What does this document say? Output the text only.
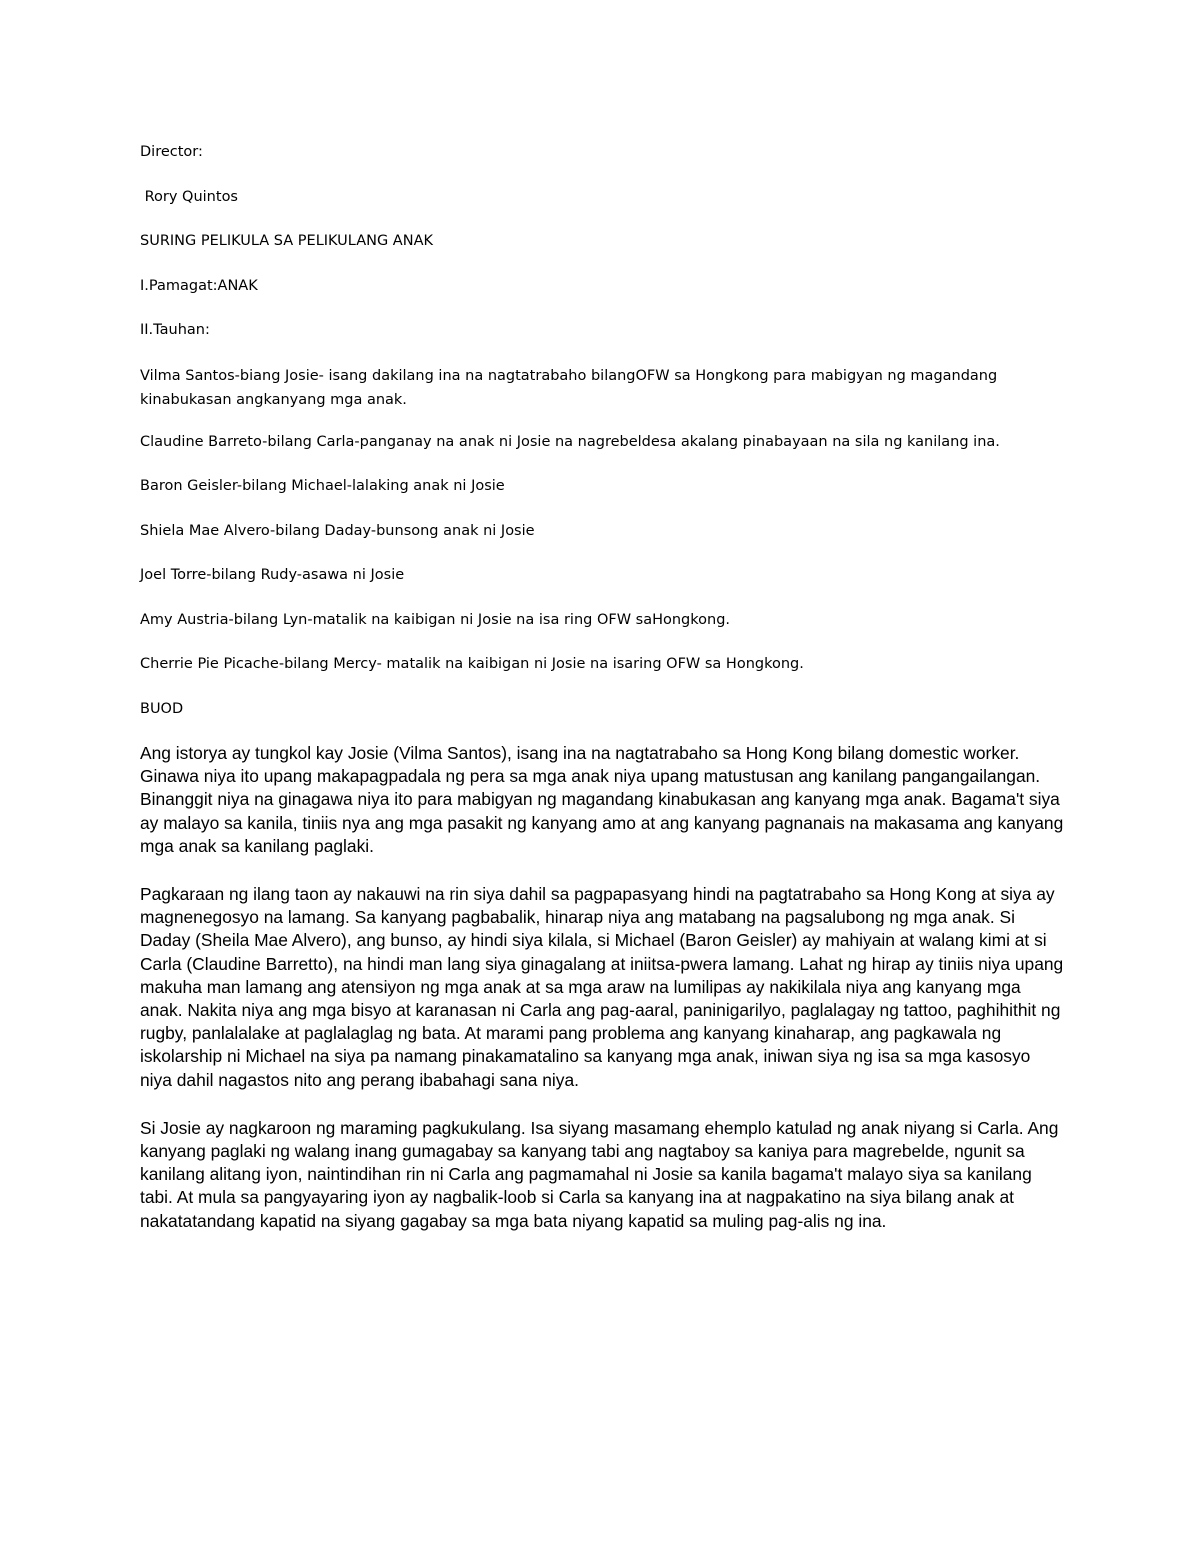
Director:

Rory Quintos

SURING PELIKULA SA PELIKULANG ANAK

I.Pamagat:ANAK

II.Tauhan:

Vilma Santos-biang Josie- isang dakilang ina na nagtatrabaho bilangOFW sa Hongkong para mabigyan ng magandang kinabukasan angkanyang mga anak.

Claudine Barreto-bilang Carla-panganay na anak ni Josie na nagrebeldesa akalang pinabayaan na sila ng kanilang ina.

Baron Geisler-bilang Michael-lalaking anak ni Josie

Shiela Mae Alvero-bilang Daday-bunsong anak ni Josie

Joel Torre-bilang Rudy-asawa ni Josie

Amy Austria-bilang Lyn-matalik na kaibigan ni Josie na isa ring OFW saHongkong.

Cherrie Pie Picache-bilang Mercy- matalik na kaibigan ni Josie na isaring OFW sa Hongkong.

BUOD

Ang istorya ay tungkol kay Josie (Vilma Santos), isang ina na nagtatrabaho sa Hong Kong bilang domestic worker. Ginawa niya ito upang makapagpadala ng pera sa mga anak niya upang matustusan ang kanilang pangangailangan. Binanggit niya na ginagawa niya ito para mabigyan ng magandang kinabukasan ang kanyang mga anak. Bagama't siya ay malayo sa kanila, tiniis nya ang mga pasakit ng kanyang amo at ang kanyang pagnanais na makasama ang kanyang mga anak sa kanilang paglaki.

Pagkaraan ng ilang taon ay nakauwi na rin siya dahil sa pagpapasyang hindi na pagtatrabaho sa Hong Kong at siya ay magnenegosyo na lamang. Sa kanyang pagbabalik, hinarap niya ang matabang na pagsalubong ng mga anak. Si Daday (Sheila Mae Alvero), ang bunso, ay hindi siya kilala, si Michael (Baron Geisler) ay mahiyain at walang kimi at si Carla (Claudine Barretto), na hindi man lang siya ginagalang at iniitsa-pwera lamang. Lahat ng hirap ay tiniis niya upang makuha man lamang ang atensiyon ng mga anak at sa mga araw na lumilipas ay nakikilala niya ang kanyang mga anak. Nakita niya ang mga bisyo at karanasan ni Carla ang pag-aaral, paninigarilyo, paglalagay ng tattoo, paghihithit ng rugby, panlalalake at paglalaglag ng bata. At marami pang problema ang kanyang kinaharap, ang pagkawala ng iskolarship ni Michael na siya pa namang pinakamatalino sa kanyang mga anak, iniwan siya ng isa sa mga kasosyo niya dahil nagastos nito ang perang ibabahagi sana niya.

Si Josie ay nagkaroon ng maraming pagkukulang. Isa siyang masamang ehemplo katulad ng anak niyang si Carla. Ang kanyang paglaki ng walang inang gumagabay sa kanyang tabi ang nagtaboy sa kaniya para magrebelde, ngunit sa kanilang alitang iyon, naintindihan rin ni Carla ang pagmamahal ni Josie sa kanila bagama't malayo siya sa kanilang tabi. At mula sa pangyayaring iyon ay nagbalik-loob si Carla sa kanyang ina at nagpakatino na siya bilang anak at nakatatandang kapatid na siyang gagabay sa mga bata niyang kapatid sa muling pag-alis ng ina.
